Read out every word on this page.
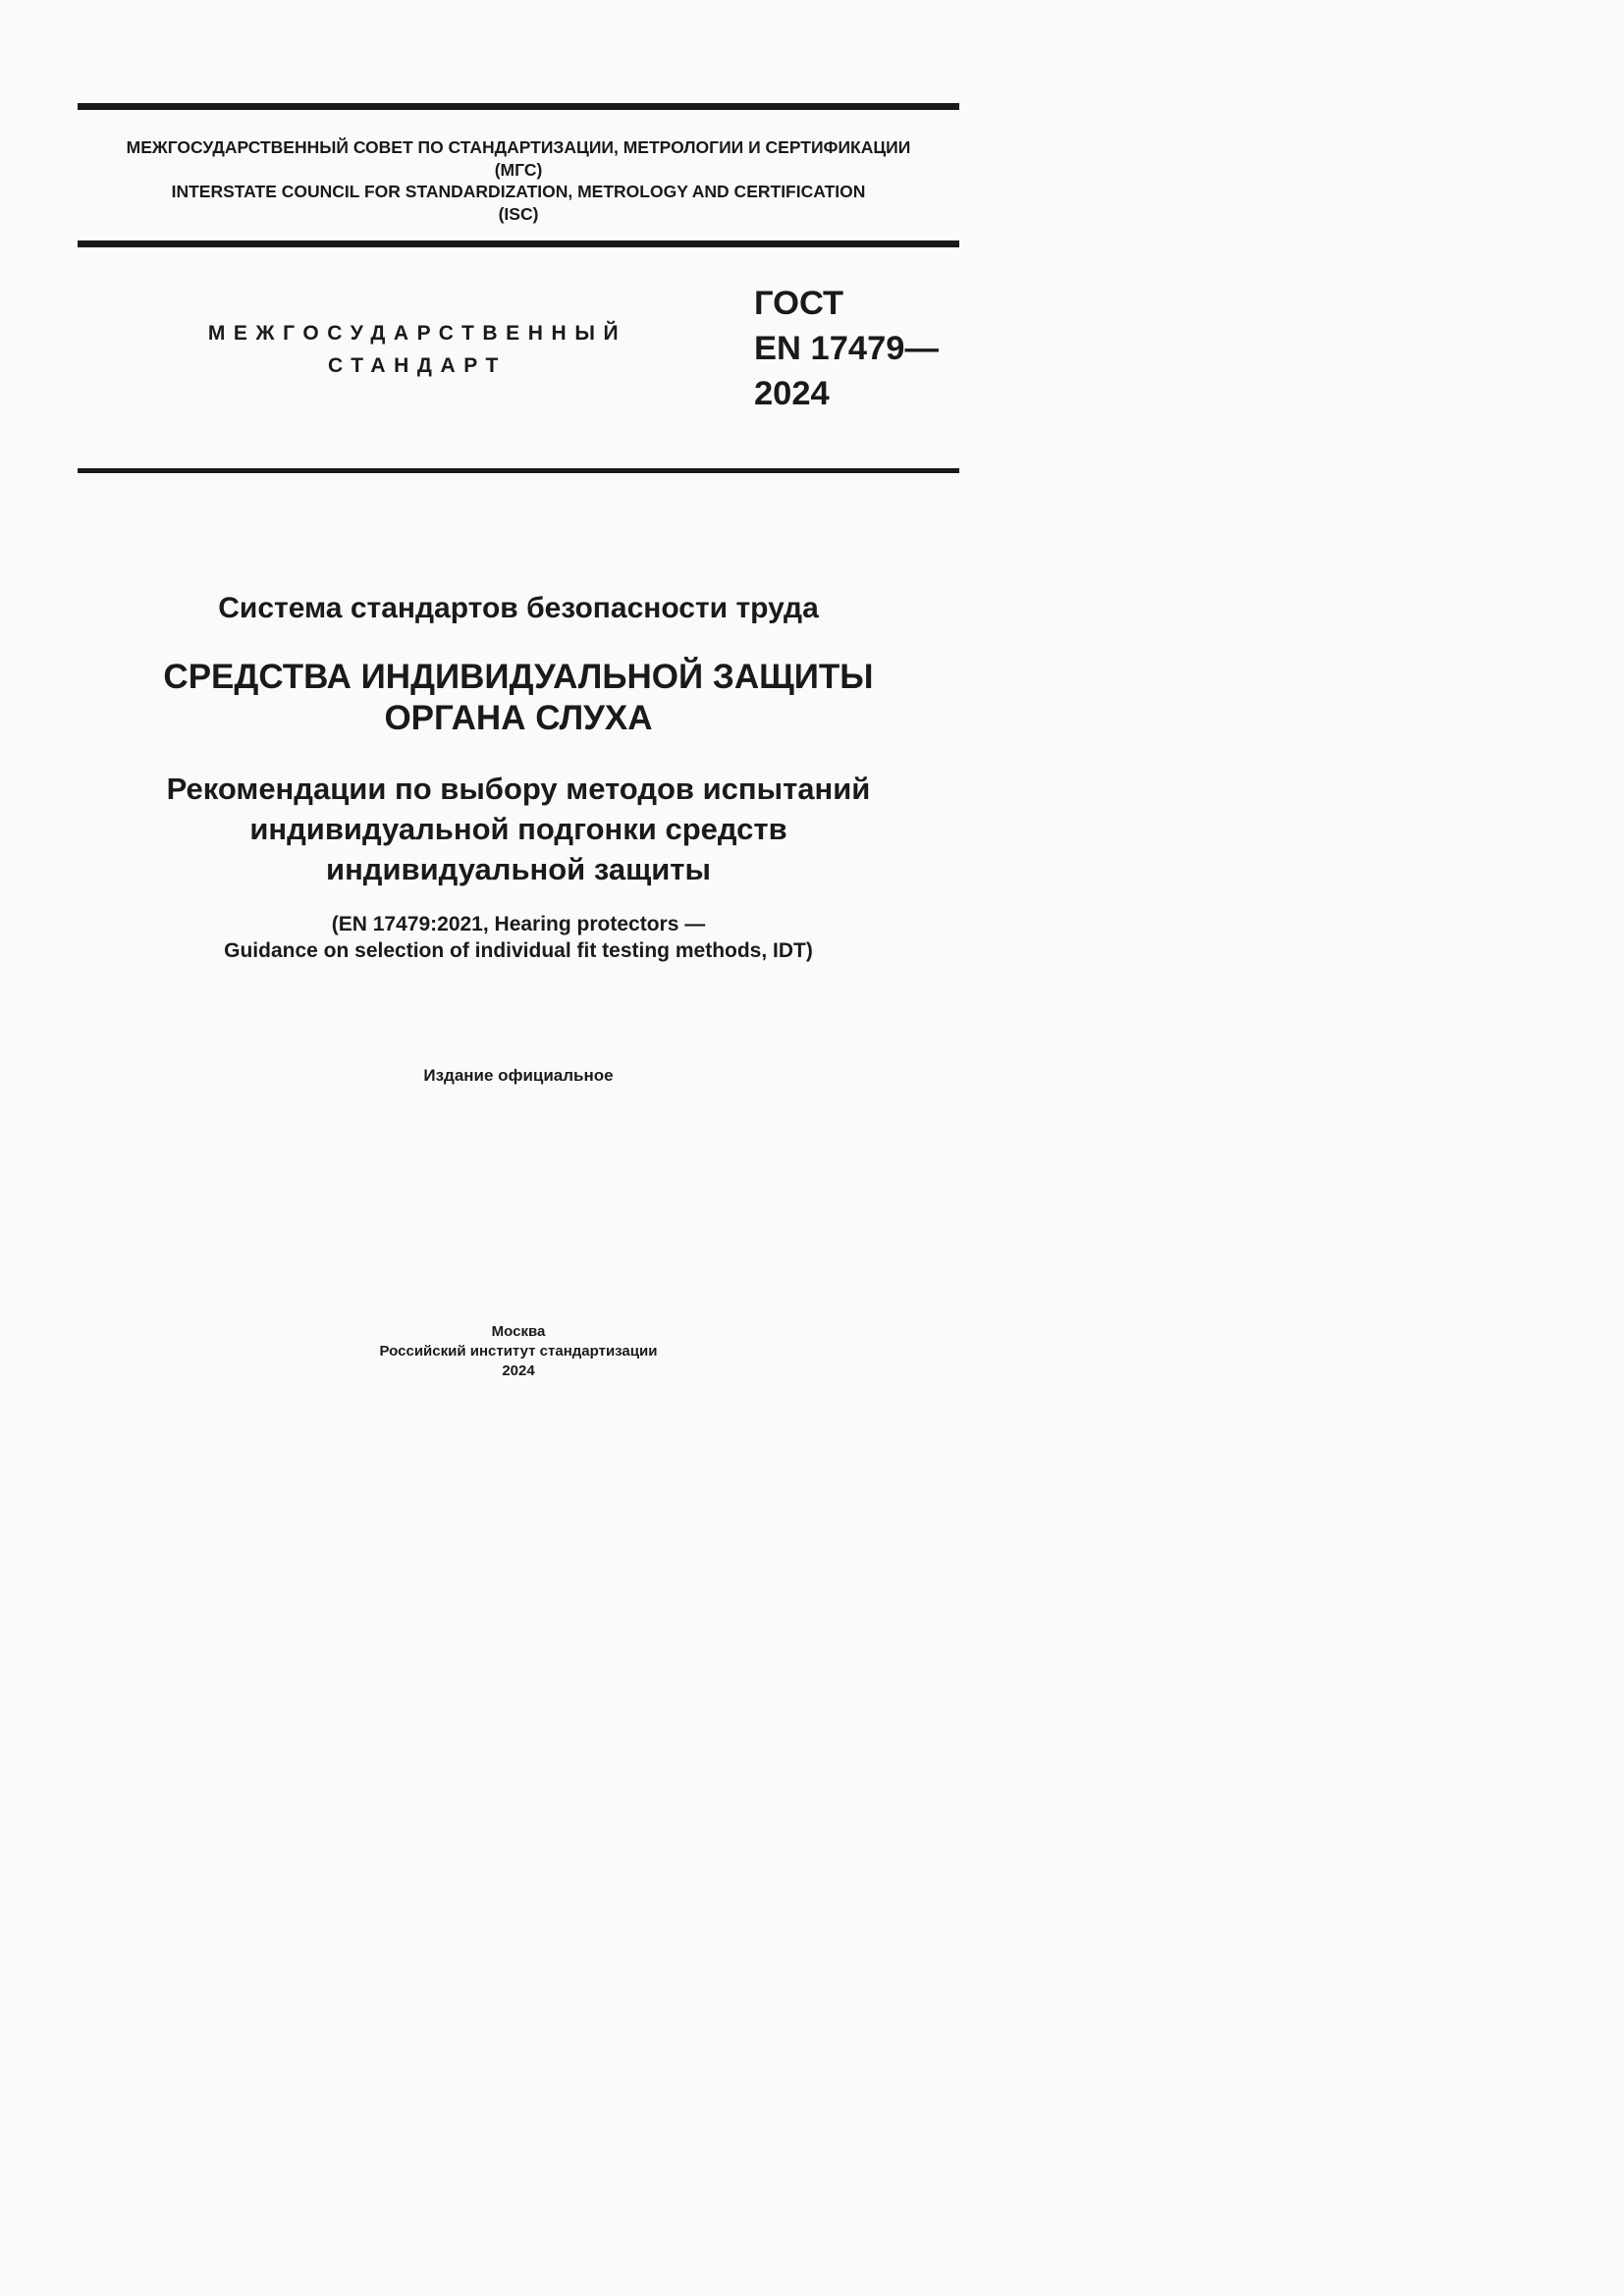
МЕЖГОСУДАРСТВЕННЫЙ СОВЕТ ПО СТАНДАРТИЗАЦИИ, МЕТРОЛОГИИ И СЕРТИФИКАЦИИ
(МГС)
INTERSTATE COUNCIL FOR STANDARDIZATION, METROLOGY AND CERTIFICATION
(ISC)
МЕЖГОСУДАРСТВЕННЫЙ
СТАНДАРТ
ГОСТ
EN 17479—
2024
Система стандартов безопасности труда
СРЕДСТВА ИНДИВИДУАЛЬНОЙ ЗАЩИТЫ
ОРГАНА СЛУХА
Рекомендации по выбору методов испытаний
индивидуальной подгонки средств
индивидуальной защиты
(EN 17479:2021, Hearing protectors —
Guidance on selection of individual fit testing methods, IDT)
Издание официальное
Москва
Российский институт стандартизации
2024
